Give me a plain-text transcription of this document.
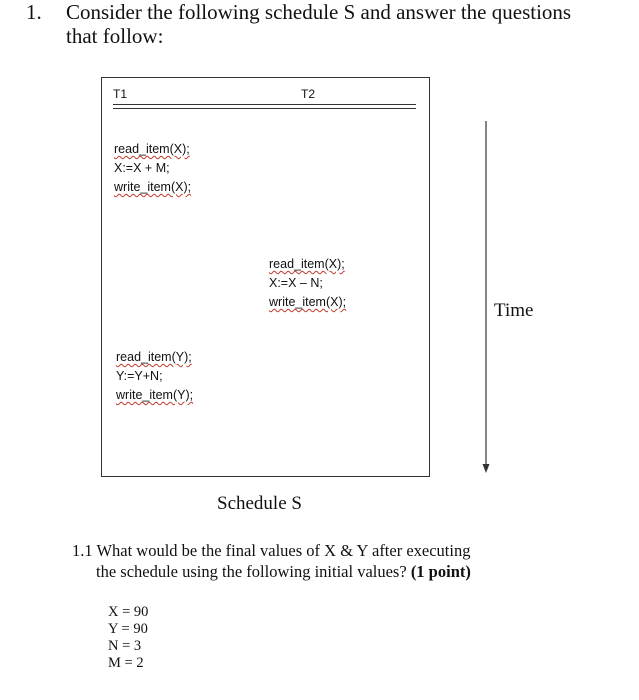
1. Consider the following schedule S and answer the questions
that follow:
T1	T2
read_item(X);
X:=X + M;
write_item(X);
read_item(X);
X:=X – N;
write_item(X);
read_item(Y);
Y:=Y+N;
write_item(Y);
Time
Schedule S
1.1 What would be the final values of X & Y after executing
the schedule using the following initial values? (1 point)
X = 90
Y = 90
N = 3
M = 2
